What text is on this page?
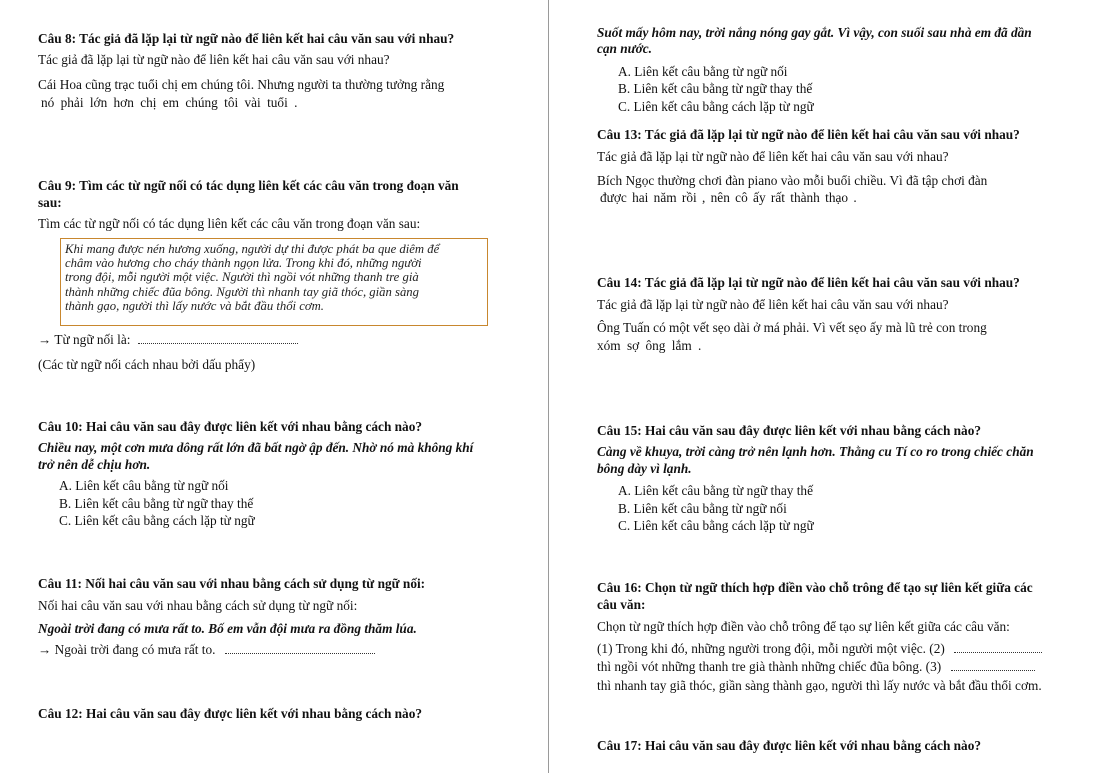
Câu 8: Tác giả đã lặp lại từ ngữ nào để liên kết hai câu văn sau với nhau?
Tác giả đã lặp lại từ ngữ nào để liên kết hai câu văn sau với nhau?
Cái Hoa cũng trạc tuổi chị em chúng tôi. Nhưng người ta thường tưởng rằng
nó phải lớn hơn chị em chúng tôi vài tuổi .
Câu 9: Tìm các từ ngữ nối có tác dụng liên kết các câu văn trong đoạn văn
sau:
Tìm các từ ngữ nối có tác dụng liên kết các câu văn trong đoạn văn sau:
Khi mang được nén hương xuống, người dự thi được phát ba que diêm để
châm vào hương cho cháy thành ngọn lửa. Trong khi đó, những người
trong đội, mỗi người một việc. Người thì ngồi vót những thanh tre già
thành những chiếc đũa bông. Người thì nhanh tay giã thóc, giần sàng
thành gạo, người thì lấy nước và bắt đầu thổi cơm.
→ Từ ngữ nối là:
(Các từ ngữ nối cách nhau bởi dấu phẩy)
Câu 10: Hai câu văn sau đây được liên kết với nhau bằng cách nào?
Chiều nay, một cơn mưa dông rất lớn đã bất ngờ ập đến. Nhờ nó mà không khí
trở nên dễ chịu hơn.
A. Liên kết câu bằng từ ngữ nối
B. Liên kết câu bằng từ ngữ thay thế
C. Liên kết câu bằng cách lặp từ ngữ
Câu 11: Nối hai câu văn sau với nhau bằng cách sử dụng từ ngữ nối:
Nối hai câu văn sau với nhau bằng cách sử dụng từ ngữ nối:
Ngoài trời đang có mưa rất to. Bố em vẫn đội mưa ra đồng thăm lúa.
→ Ngoài trời đang có mưa rất to.
Câu 12: Hai câu văn sau đây được liên kết với nhau bằng cách nào?
Suốt mấy hôm nay, trời nắng nóng gay gắt. Vì vậy, con suối sau nhà em đã dần
cạn nước.
A. Liên kết câu bằng từ ngữ nối
B. Liên kết câu bằng từ ngữ thay thế
C. Liên kết câu bằng cách lặp từ ngữ
Câu 13: Tác giả đã lặp lại từ ngữ nào để liên kết hai câu văn sau với nhau?
Tác giả đã lặp lại từ ngữ nào để liên kết hai câu văn sau với nhau?
Bích Ngọc thường chơi đàn piano vào mỗi buổi chiều. Vì đã tập chơi đàn
được hai năm rồi , nên cô ấy rất thành thạo .
Câu 14: Tác giả đã lặp lại từ ngữ nào để liên kết hai câu văn sau với nhau?
Tác giả đã lặp lại từ ngữ nào để liên kết hai câu văn sau với nhau?
Ông Tuấn có một vết sẹo dài ở má phải. Vì vết sẹo ấy mà lũ trẻ con trong
xóm sợ ông lắm .
Câu 15: Hai câu văn sau đây được liên kết với nhau bằng cách nào?
Càng về khuya, trời càng trở nên lạnh hơn. Thằng cu Tí co ro trong chiếc chăn
bông dày vì lạnh.
A. Liên kết câu bằng từ ngữ thay thế
B. Liên kết câu bằng từ ngữ nối
C. Liên kết câu bằng cách lặp từ ngữ
Câu 16: Chọn từ ngữ thích hợp điền vào chỗ trông để tạo sự liên kết giữa các
câu văn:
Chọn từ ngữ thích hợp điền vào chỗ trông để tạo sự liên kết giữa các câu văn:
(1) Trong khi đó, những người trong đội, mỗi người một việc. (2)
thì ngồi vót những thanh tre già thành những chiếc đũa bông. (3)
thì nhanh tay giã thóc, giần sàng thành gạo, người thì lấy nước và bắt đầu thổi cơm.
Câu 17: Hai câu văn sau đây được liên kết với nhau bằng cách nào?
